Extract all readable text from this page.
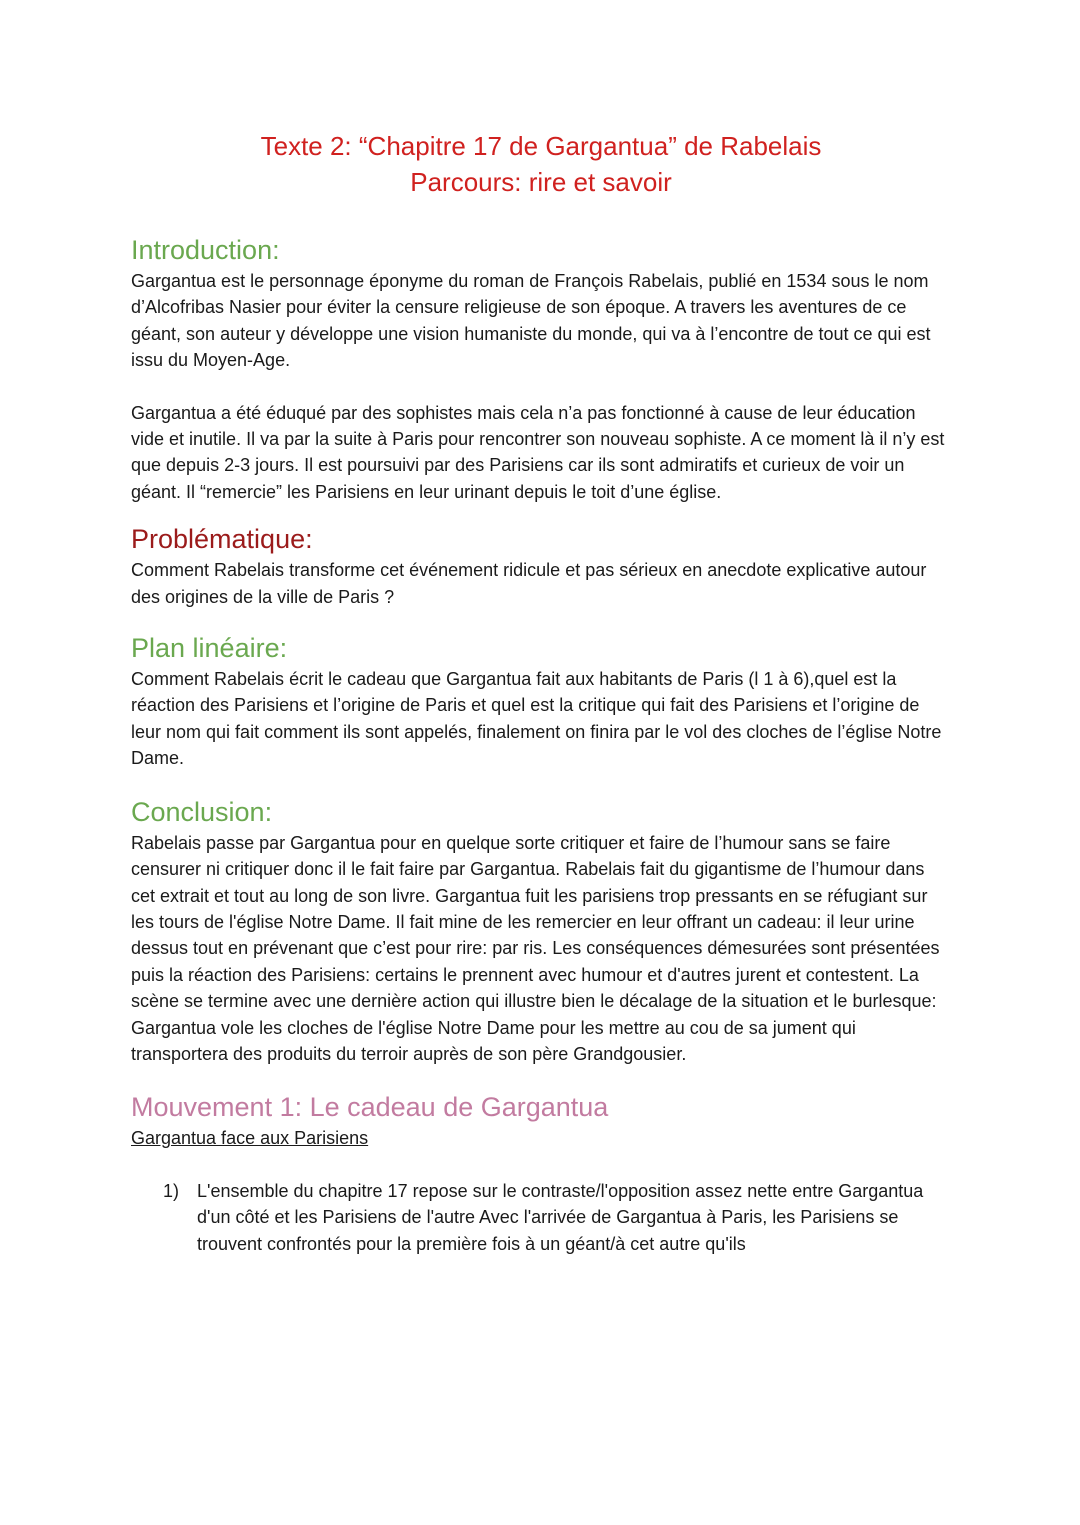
Texte 2: “Chapitre 17 de Gargantua” de Rabelais
Parcours: rire et savoir
Introduction:

Gargantua est le personnage éponyme du roman de François Rabelais, publié en 1534 sous le nom d’Alcofribas Nasier pour éviter la censure religieuse de son époque. A travers les aventures de ce géant, son auteur y développe une vision humaniste du monde, qui va à l’encontre de tout ce qui est issu du Moyen-Age.

Gargantua a été éduqué par des sophistes mais cela n’a pas fonctionné à cause de leur éducation vide et inutile. Il va par la suite à Paris pour rencontrer son nouveau sophiste. A ce moment là il n’y est que depuis 2-3 jours. Il est poursuivi par des Parisiens car ils sont admiratifs et curieux de voir un géant. Il “remercie” les Parisiens en leur urinant depuis le toit d’une église.

Problématique:

Comment Rabelais transforme cet événement ridicule et pas sérieux en anecdote explicative autour des origines de la ville de Paris ?

Plan linéaire:

Comment Rabelais écrit le cadeau que Gargantua fait aux habitants de Paris (l 1 à 6),quel est la réaction des Parisiens et l’origine de Paris et quel est la critique qui fait des Parisiens et l’origine de leur nom qui fait comment ils sont appelés, finalement on finira par le vol des cloches de l’église Notre Dame.

Conclusion:

Rabelais passe par Gargantua pour en quelque sorte critiquer et faire de l’humour sans se faire censurer ni critiquer donc il le fait faire par Gargantua. Rabelais fait du gigantisme de l’humour dans cet extrait et tout au long de son livre. Gargantua fuit les parisiens trop pressants en se réfugiant sur les tours de l'église Notre Dame. Il fait mine de les remercier en leur offrant un cadeau: il leur urine dessus tout en prévenant que c’est pour rire: par ris. Les conséquences démesurées sont présentées puis la réaction des Parisiens: certains le prennent avec humour et d'autres jurent et contestent. La scène se termine avec une dernière action qui illustre bien le décalage de la situation et le burlesque: Gargantua vole les cloches de l'église Notre Dame pour les mettre au cou de sa jument qui transportera des produits du terroir auprès de son père Grandgousier.

Mouvement 1: Le cadeau de Gargantua

Gargantua face aux Parisiens

1) L'ensemble du chapitre 17 repose sur le contraste/l'opposition assez nette entre Gargantua d'un côté et les Parisiens de l'autre Avec l'arrivée de Gargantua à Paris, les Parisiens se trouvent confrontés pour la première fois à un géant/à cet autre qu'ils
